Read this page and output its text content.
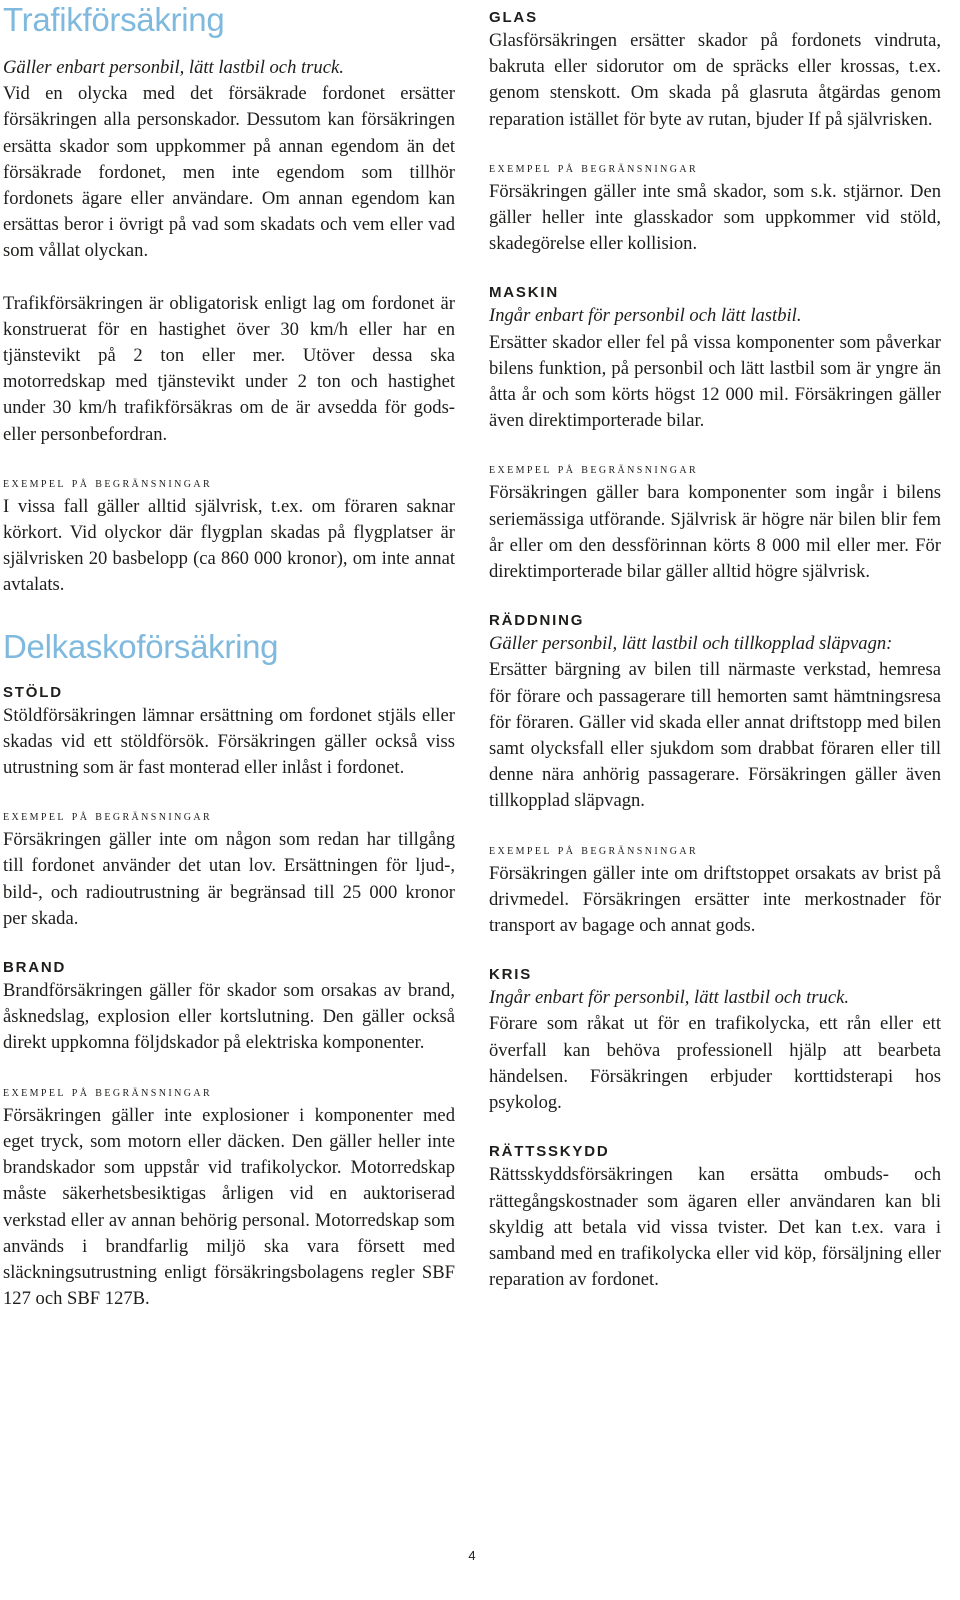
Trafikförsäkring

Gäller enbart personbil, lätt lastbil och truck.

Vid en olycka med det försäkrade fordonet ersätter försäkringen alla personskador. Dessutom kan försäkringen ersätta skador som uppkommer på annan egendom än det försäkrade fordonet, men inte egendom som tillhör fordonets ägare eller användare. Om annan egendom kan ersättas beror i övrigt på vad som skadats och vem eller vad som vållat olyckan.

Trafikförsäkringen är obligatorisk enligt lag om fordonet är konstruerat för en hastighet över 30 km/h eller har en tjänstevikt på 2 ton eller mer. Utöver dessa ska motorredskap med tjänstevikt under 2 ton och hastighet under 30 km/h trafikförsäkras om de är avsedda för gods- eller personbefordran.

exempel på begränsningar

I vissa fall gäller alltid självrisk, t.ex. om föraren saknar körkort. Vid olyckor där flygplan skadas på flygplatser är självrisken 20 basbelopp (ca 860 000 kronor), om inte annat avtalats.

Delkaskoförsäkring
STÖLD

Stöldförsäkringen lämnar ersättning om fordonet stjäls eller skadas vid ett stöldförsök. Försäkringen gäller också viss utrustning som är fast monterad eller inlåst i fordonet.

exempel på begränsningar

Försäkringen gäller inte om någon som redan har tillgång till fordonet använder det utan lov. Ersättningen för ljud-, bild-, och radioutrustning är begränsad till 25 000 kronor per skada.

BRAND

Brandförsäkringen gäller för skador som orsakas av brand, åsknedslag, explosion eller kortslutning. Den gäller också direkt uppkomna följdskador på elektriska komponenter.

exempel på begränsningar

Försäkringen gäller inte explosioner i komponenter med eget tryck, som motorn eller däcken. Den gäller heller inte brandskador som uppstår vid trafikolyckor. Motorredskap måste säkerhetsbesiktigas årligen vid en auktoriserad verkstad eller av annan behörig personal. Motorredskap som används i brandfarlig miljö ska vara försett med släckningsutrustning enligt försäkringsbolagens regler SBF 127 och SBF 127B.

GLAS

Glasförsäkringen ersätter skador på fordonets vindruta, bakruta eller sidorutor om de spräcks eller krossas, t.ex. genom stenskott. Om skada på glasruta åtgärdas genom reparation istället för byte av rutan, bjuder If på självrisken.

exempel på begränsningar

Försäkringen gäller inte små skador, som s.k. stjärnor. Den gäller heller inte glasskador som uppkommer vid stöld, skadegörelse eller kollision.

MASKIN

Ingår enbart för personbil och lätt lastbil.

Ersätter skador eller fel på vissa komponenter som påverkar bilens funktion, på personbil och lätt lastbil som är yngre än åtta år och som körts högst 12 000 mil. Försäkringen gäller även direktimporterade bilar.

exempel på begränsningar

Försäkringen gäller bara komponenter som ingår i bilens seriemässiga utförande. Självrisk är högre när bilen blir fem år eller om den dessförinnan körts 8 000 mil eller mer. För direktimporterade bilar gäller alltid högre självrisk.

RÄDDNING

Gäller personbil, lätt lastbil och tillkopplad släpvagn:

Ersätter bärgning av bilen till närmaste verkstad, hemresa för förare och passagerare till hemorten samt hämtningsresa för föraren. Gäller vid skada eller annat driftstopp med bilen samt olycksfall eller sjukdom som drabbat föraren eller till denne nära anhörig passagerare. Försäkringen gäller även tillkopplad släpvagn.

exempel på begränsningar

Försäkringen gäller inte om driftstoppet orsakats av brist på drivmedel. Försäkringen ersätter inte merkostnader för transport av bagage och annat gods.

KRIS

Ingår enbart för personbil, lätt lastbil och truck.

Förare som råkat ut för en trafikolycka, ett rån eller ett överfall kan behöva professionell hjälp att bearbeta händelsen. Försäkringen erbjuder korttidsterapi hos psykolog.

RÄTTSSKYDD

Rättsskyddsförsäkringen kan ersätta ombuds- och rättegångskostnader som ägaren eller användaren kan bli skyldig att betala vid vissa tvister. Det kan t.ex. vara i samband med en trafikolycka eller vid köp, försäljning eller reparation av fordonet.

4
